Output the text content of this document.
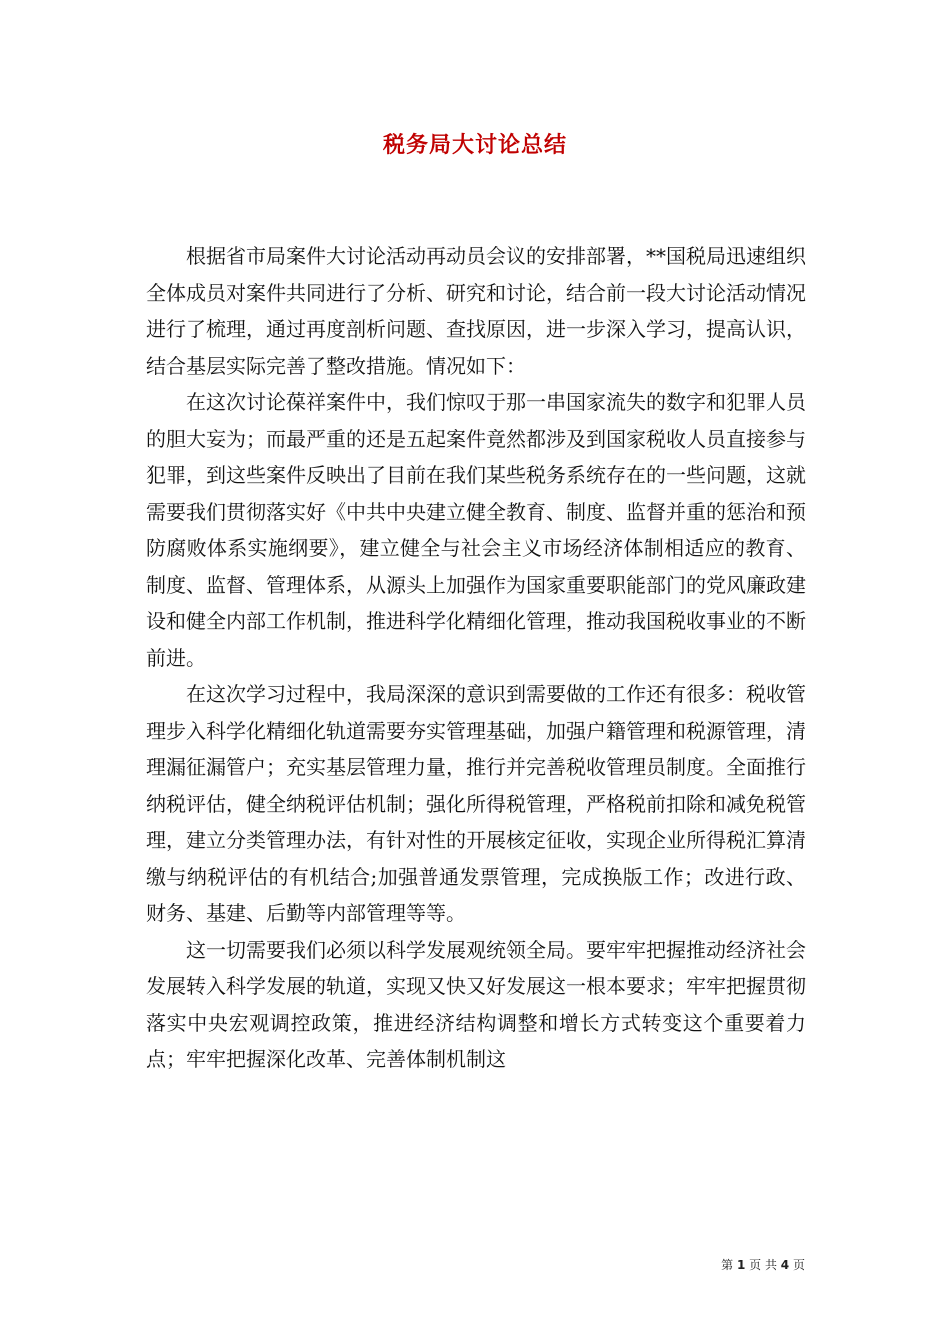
税务局大讨论总结

根据省市局案件大讨论活动再动员会议的安排部署，**国税局迅速组织全体成员对案件共同进行了分析、研究和讨论，结合前一段大讨论活动情况进行了梳理，通过再度剖析问题、查找原因，进一步深入学习，提高认识，结合基层实际完善了整改措施。情况如下：

在这次讨论葆祥案件中，我们惊叹于那一串国家流失的数字和犯罪人员的胆大妄为；而最严重的还是五起案件竟然都涉及到国家税收人员直接参与犯罪，到这些案件反映出了目前在我们某些税务系统存在的一些问题，这就需要我们贯彻落实好《中共中央建立健全教育、制度、监督并重的惩治和预防腐败体系实施纲要》，建立健全与社会主义市场经济体制相适应的教育、制度、监督、管理体系，从源头上加强作为国家重要职能部门的党风廉政建设和健全内部工作机制，推进科学化精细化管理，推动我国税收事业的不断前进。

在这次学习过程中，我局深深的意识到需要做的工作还有很多：税收管理步入科学化精细化轨道需要夯实管理基础，加强户籍管理和税源管理，清理漏征漏管户；充实基层管理力量，推行并完善税收管理员制度。全面推行纳税评估，健全纳税评估机制；强化所得税管理，严格税前扣除和减免税管理，建立分类管理办法，有针对性的开展核定征收，实现企业所得税汇算清缴与纳税评估的有机结合;加强普通发票管理，完成换版工作；改进行政、财务、基建、后勤等内部管理等等。

这一切需要我们必须以科学发展观统领全局。要牢牢把握推动经济社会发展转入科学发展的轨道，实现又快又好发展这一根本要求；牢牢把握贯彻落实中央宏观调控政策，推进经济结构调整和增长方式转变这个重要着力点；牢牢把握深化改革、完善体制机制这

第 1 页 共 4 页
